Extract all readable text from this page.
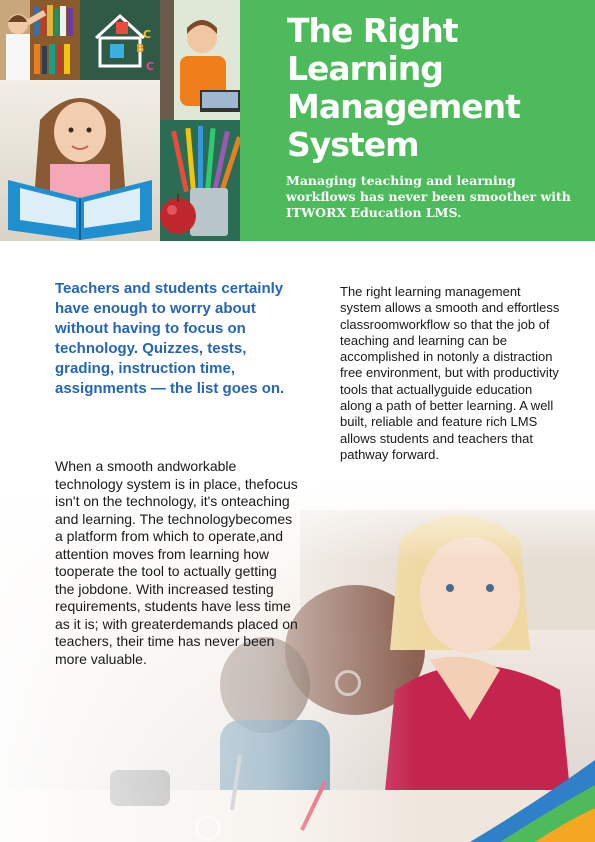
B
C
C
The Right Learning Management System

Managing teaching and learning workflows has never been smoother with ITWORX Education LMS.

Teachers and students certainly have enough to worry about without having to focus on technology. Quizzes, tests, grading, instruction time, assignments — the list goes on.

When a smooth andworkable technology system is in place, thefocus isn't on the technology, it's onteaching and learning. The technologybecomes a platform from which to operate,and attention moves from learning how tooperate the tool to actually getting the jobdone. With increased testing requirements, students have less time as it is; with greaterdemands placed on teachers, their time has never been more valuable.

The right learning management system allows a smooth and effortless classroomworkflow so that the job of teaching and learning can be accomplished in notonly a distraction free environment, but with productivity tools that actuallyguide education along a path of better learning. A well built, reliable and feature rich LMS allows students and teachers that pathway forward.
